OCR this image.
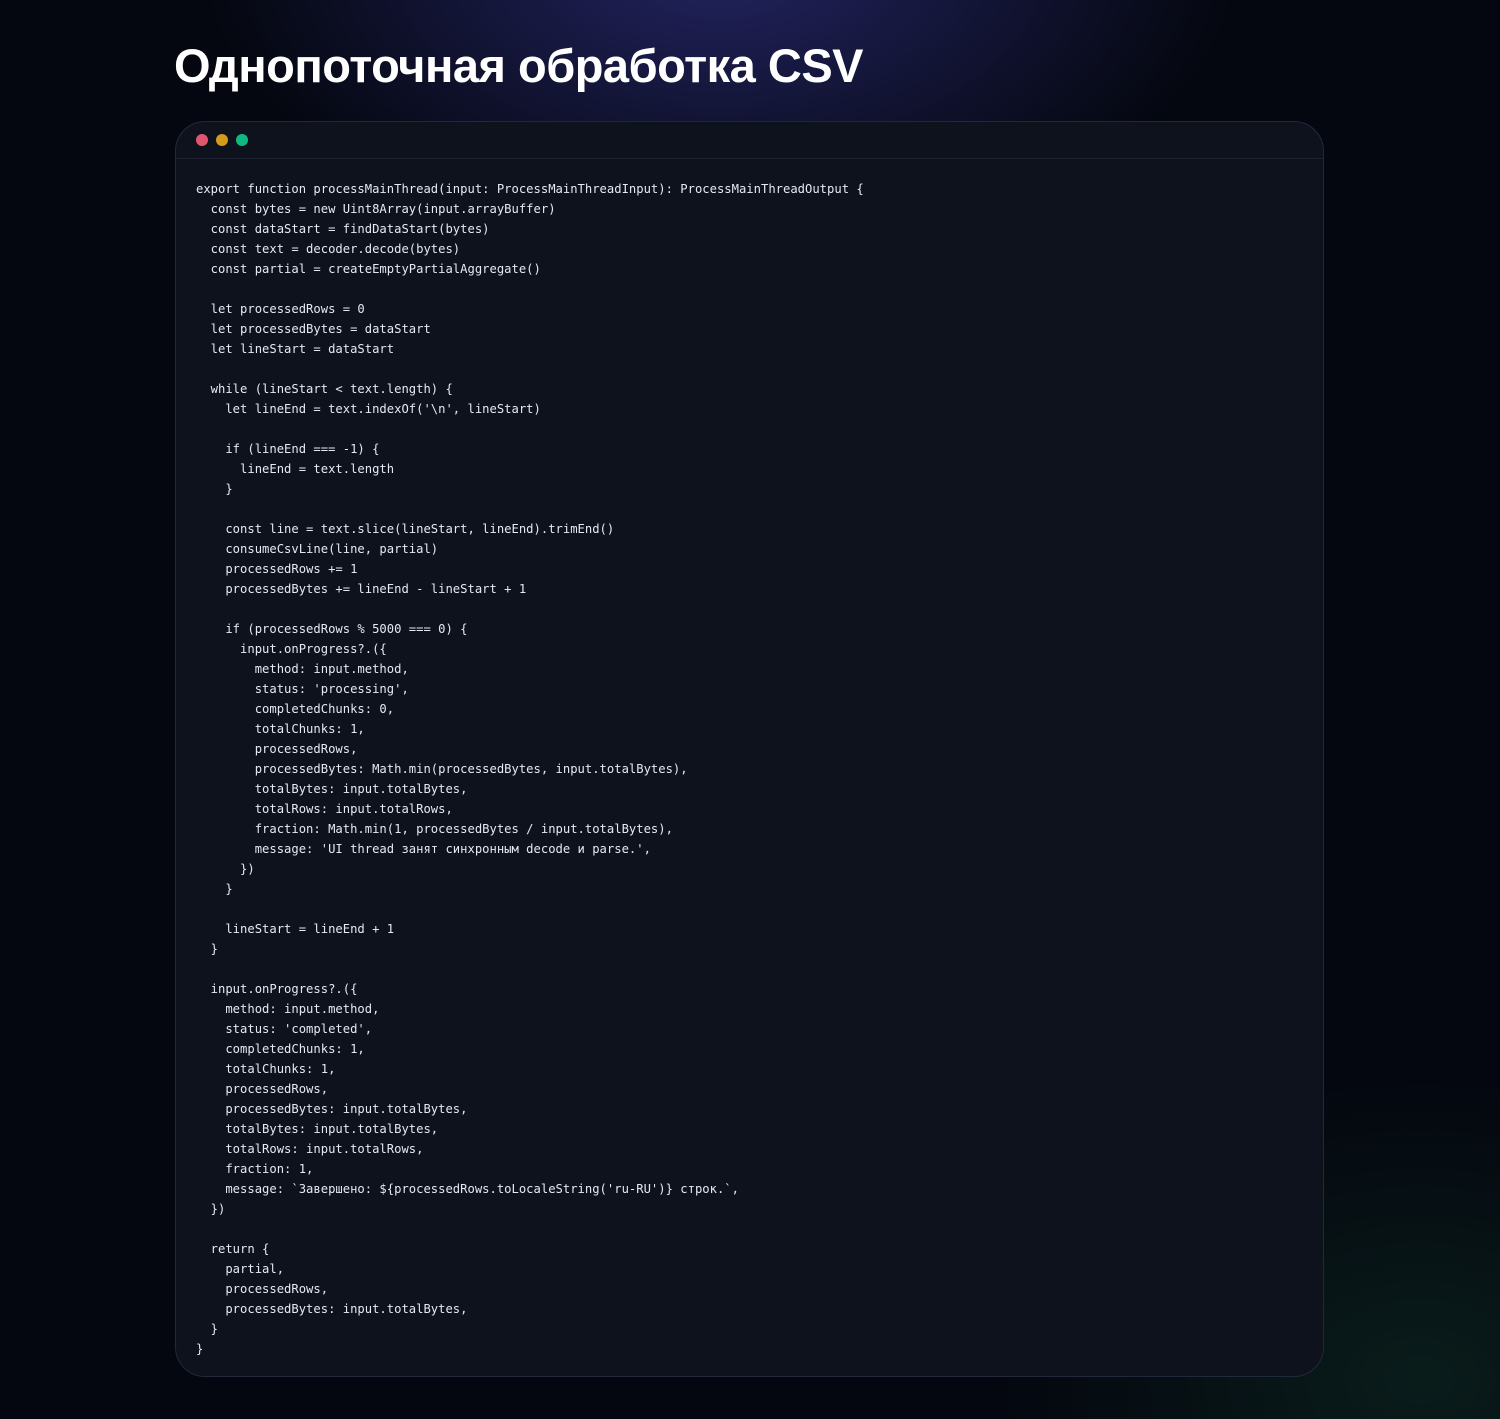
Однопоточная обработка CSV
export function processMainThread(input: ProcessMainThreadInput): ProcessMainThreadOutput {
const bytes = new Uint8Array(input.arrayBuffer)
const dataStart = findDataStart(bytes)
const text = decoder.decode(bytes)
const partial = createEmptyPartialAggregate()
let processedRows = 0
let processedBytes = dataStart
let lineStart = dataStart
while (lineStart < text.length) {
let lineEnd = text.indexOf('\n', lineStart)
if (lineEnd === -1) {
lineEnd = text.length
}
const line = text.slice(lineStart, lineEnd).trimEnd()
consumeCsvLine(line, partial)
processedRows += 1
processedBytes += lineEnd - lineStart + 1
if (processedRows % 5000 === 0) {
input.onProgress?.({
method: input.method,
status: 'processing',
completedChunks: 0,
totalChunks: 1,
processedRows,
processedBytes: Math.min(processedBytes, input.totalBytes),
totalBytes: input.totalBytes,
totalRows: input.totalRows,
fraction: Math.min(1, processedBytes / input.totalBytes),
message: 'UI thread занят синхронным decode и parse.',
})
}
lineStart = lineEnd + 1
}
input.onProgress?.({
method: input.method,
status: 'completed',
completedChunks: 1,
totalChunks: 1,
processedRows,
processedBytes: input.totalBytes,
totalBytes: input.totalBytes,
totalRows: input.totalRows,
fraction: 1,
message: `Завершено: ${processedRows.toLocaleString('ru-RU')} строк.`,
})
return {
partial,
processedRows,
processedBytes: input.totalBytes,
}
}
